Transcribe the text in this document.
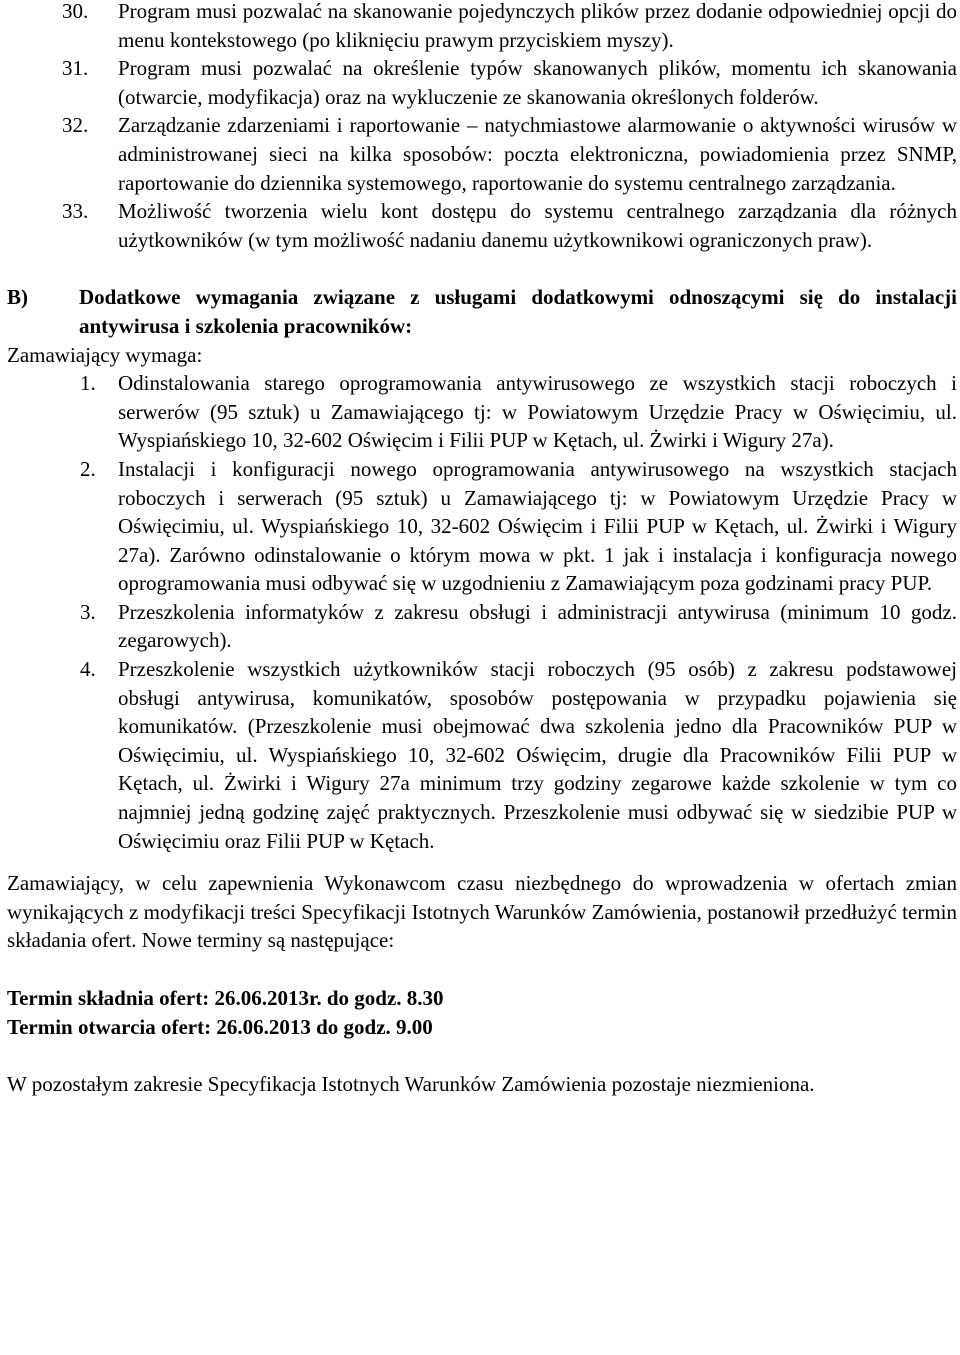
30. Program musi pozwalać na skanowanie pojedynczych plików przez dodanie odpowiedniej opcji do menu kontekstowego (po kliknięciu prawym przyciskiem myszy).
31. Program musi pozwalać na określenie typów skanowanych plików, momentu ich skanowania (otwarcie, modyfikacja) oraz na wykluczenie ze skanowania określonych folderów.
32. Zarządzanie zdarzeniami i raportowanie – natychmiastowe alarmowanie o aktywności wirusów w administrowanej sieci na kilka sposobów: poczta elektroniczna, powiadomienia przez SNMP, raportowanie do dziennika systemowego, raportowanie do systemu centralnego zarządzania.
33. Możliwość tworzenia wielu kont dostępu do systemu centralnego zarządzania dla różnych użytkowników (w tym możliwość nadaniu danemu użytkownikowi ograniczonych praw).
B) Dodatkowe wymagania związane z usługami dodatkowymi odnoszącymi się do instalacji antywirusa i szkolenia pracowników:
Zamawiający wymaga:
1. Odinstalowania starego oprogramowania antywirusowego ze wszystkich stacji roboczych i serwerów (95 sztuk) u Zamawiającego tj: w Powiatowym Urzędzie Pracy w Oświęcimiu, ul. Wyspiańskiego 10, 32-602 Oświęcim i Filii PUP w Kętach, ul. Żwirki i Wigury 27a).
2. Instalacji i konfiguracji nowego oprogramowania antywirusowego na wszystkich stacjach roboczych i serwerach (95 sztuk) u Zamawiającego tj: w Powiatowym Urzędzie Pracy w Oświęcimiu, ul. Wyspiańskiego 10, 32-602 Oświęcim i Filii PUP w Kętach, ul. Żwirki i Wigury 27a). Zarówno odinstalowanie o którym mowa w pkt. 1 jak i instalacja i konfiguracja nowego oprogramowania musi odbywać się w uzgodnieniu z Zamawiającym poza godzinami pracy PUP.
3. Przeszkolenia informatyków z zakresu obsługi i administracji antywirusa (minimum 10 godz. zegarowych).
4. Przeszkolenie wszystkich użytkowników stacji roboczych (95 osób) z zakresu podstawowej obsługi antywirusa, komunikatów, sposobów postępowania w przypadku pojawienia się komunikatów. (Przeszkolenie musi obejmować dwa szkolenia jedno dla Pracowników PUP w Oświęcimiu, ul. Wyspiańskiego 10, 32-602 Oświęcim, drugie dla Pracowników Filii PUP w Kętach, ul. Żwirki i Wigury 27a minimum trzy godziny zegarowe każde szkolenie w tym co najmniej jedną godzinę zajęć praktycznych. Przeszkolenie musi odbywać się w siedzibie PUP w Oświęcimiu oraz Filii PUP w Kętach.
Zamawiający, w celu zapewnienia Wykonawcom czasu niezbędnego do wprowadzenia w ofertach zmian wynikających z modyfikacji treści Specyfikacji Istotnych Warunków Zamówienia, postanowił przedłużyć termin składania ofert. Nowe terminy są następujące:
Termin składnia ofert: 26.06.2013r. do godz. 8.30
Termin otwarcia ofert: 26.06.2013 do godz. 9.00
W pozostałym zakresie Specyfikacja Istotnych Warunków Zamówienia pozostaje niezmieniona.
